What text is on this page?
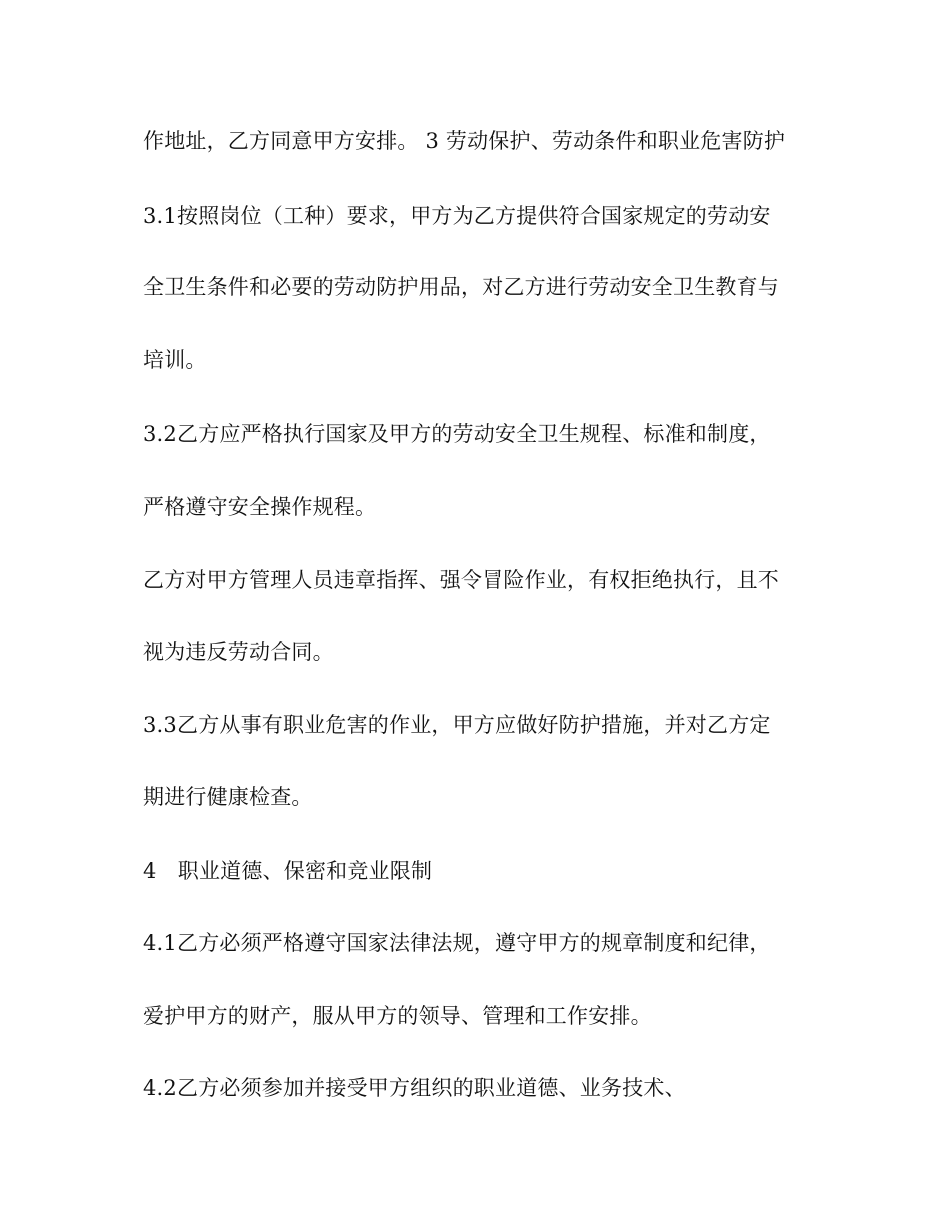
作地址，乙方同意甲方安排。 3 劳动保护、劳动条件和职业危害防护

3.1按照岗位（工种）要求，甲方为乙方提供符合国家规定的劳动安

全卫生条件和必要的劳动防护用品，对乙方进行劳动安全卫生教育与

培训。

3.2乙方应严格执行国家及甲方的劳动安全卫生规程、标准和制度，

严格遵守安全操作规程。

乙方对甲方管理人员违章指挥、强令冒险作业，有权拒绝执行，且不

视为违反劳动合同。

3.3乙方从事有职业危害的作业，甲方应做好防护措施，并对乙方定

期进行健康检查。

4　职业道德、保密和竞业限制

4.1乙方必须严格遵守国家法律法规，遵守甲方的规章制度和纪律，

爱护甲方的财产，服从甲方的领导、管理和工作安排。

4.2乙方必须参加并接受甲方组织的职业道德、业务技术、
